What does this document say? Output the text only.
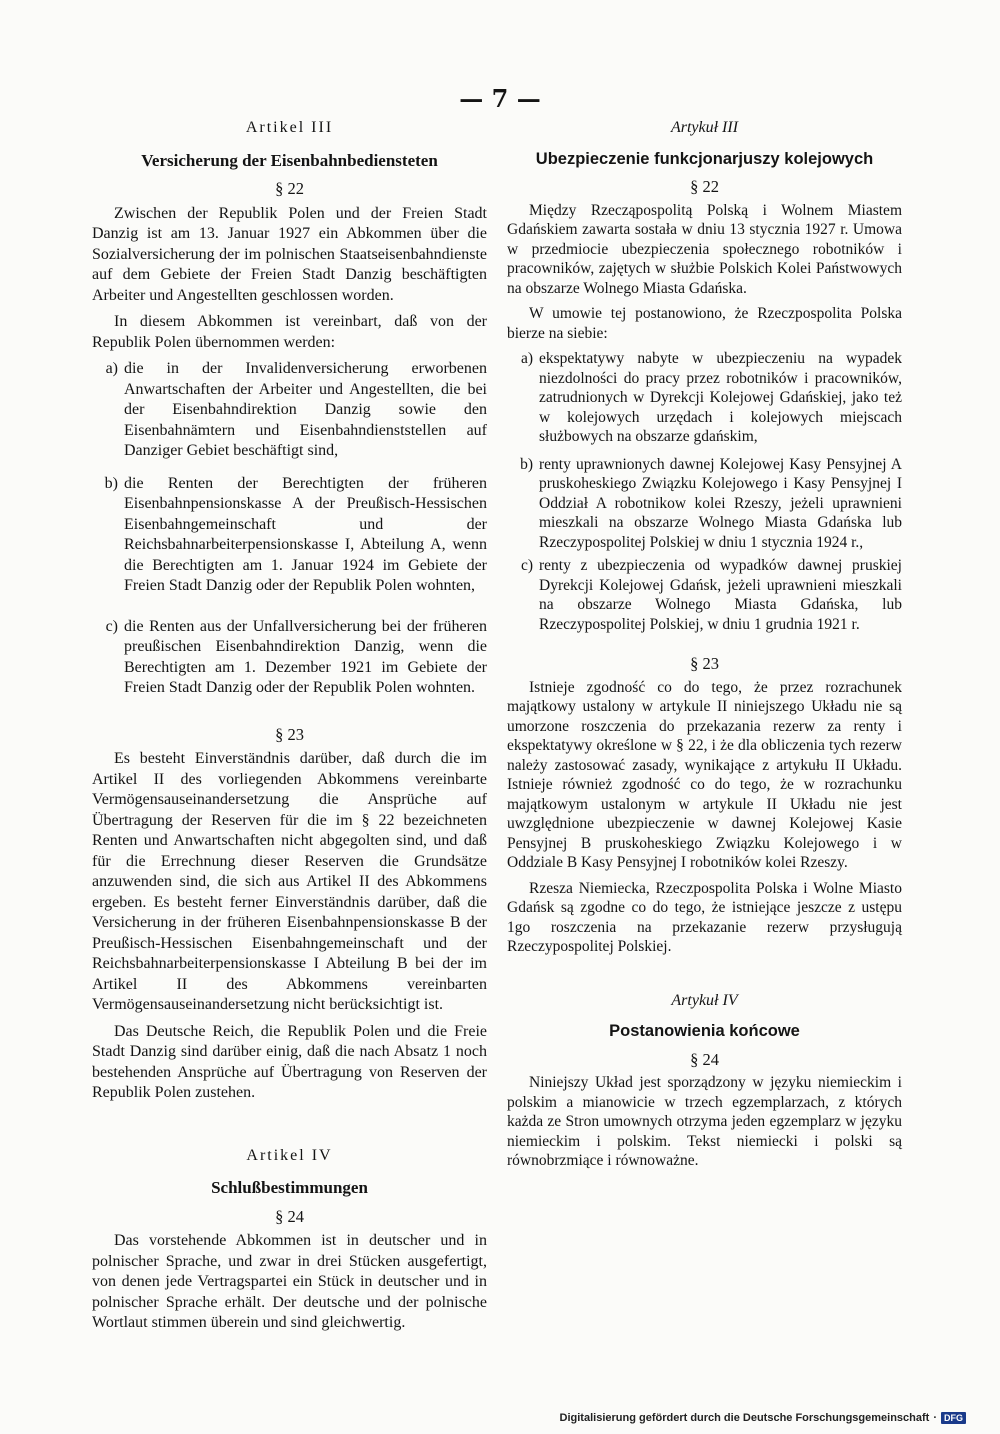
— 7 —
Artikel III
Versicherung der Eisenbahnbediensteten
§ 22

Zwischen der Republik Polen und der Freien Stadt Danzig ist am 13. Januar 1927 ein Abkommen über die Sozialversicherung der im polnischen Staatseisenbahndienste auf dem Gebiete der Freien Stadt Danzig beschäftigten Arbeiter und Angestellten geschlossen worden.

In diesem Abkommen ist vereinbart, daß von der Republik Polen übernommen werden:

a) die in der Invalidenversicherung erworbenen Anwartschaften der Arbeiter und Angestellten, die bei der Eisenbahndirektion Danzig sowie den Eisenbahnämtern und Eisenbahndienststellen auf Danziger Gebiet beschäftigt sind,
b) die Renten der Berechtigten der früheren Eisenbahnpensionskasse A der Preußisch-Hessischen Eisenbahngemeinschaft und der Reichsbahnarbeiterpensionskasse I, Abteilung A, wenn die Berechtigten am 1. Januar 1924 im Gebiete der Freien Stadt Danzig oder der Republik Polen wohnten,
c) die Renten aus der Unfallversicherung bei der früheren preußischen Eisenbahndirektion Danzig, wenn die Berechtigten am 1. Dezember 1921 im Gebiete der Freien Stadt Danzig oder der Republik Polen wohnten.
§ 23

Es besteht Einverständnis darüber, daß durch die im Artikel II des vorliegenden Abkommens vereinbarte Vermögensauseinandersetzung die Ansprüche auf Übertragung der Reserven für die im § 22 bezeichneten Renten und Anwartschaften nicht abgegolten sind, und daß für die Errechnung dieser Reserven die Grundsätze anzuwenden sind, die sich aus Artikel II des Abkommens ergeben. Es besteht ferner Einverständnis darüber, daß die Versicherung in der früheren Eisenbahnpensionskasse B der Preußisch-Hessischen Eisenbahngemeinschaft und der Reichsbahnarbeiterpensionskasse I Abteilung B bei der im Artikel II des Abkommens vereinbarten Vermögensauseinandersetzung nicht berücksichtigt ist.

Das Deutsche Reich, die Republik Polen und die Freie Stadt Danzig sind darüber einig, daß die nach Absatz 1 noch bestehenden Ansprüche auf Übertragung von Reserven der Republik Polen zustehen.

Artikel IV
Schlußbestimmungen
§ 24

Das vorstehende Abkommen ist in deutscher und in polnischer Sprache, und zwar in drei Stücken ausgefertigt, von denen jede Vertragspartei ein Stück in deutscher und in polnischer Sprache erhält. Der deutsche und der polnische Wortlaut stimmen überein und sind gleichwertig.

Artykuł III
Ubezpieczenie funkcjonarjuszy kolejowych
§ 22

Między Rzecząpospolitą Polską i Wolnem Miastem Gdańskiem zawarta sostała w dniu 13 stycznia 1927 r. Umowa w przedmiocie ubezpieczenia społecznego robotników i pracowników, zajętych w służbie Polskich Kolei Państwowych na obszarze Wolnego Miasta Gdańska.

W umowie tej postanowiono, że Rzeczpospolita Polska bierze na siebie:

a) ekspektatywy nabyte w ubezpieczeniu na wypadek niezdolności do pracy przez robotników i pracowników, zatrudnionych w Dyrekcji Kolejowej Gdańskiej, jako też w kolejowych urzędach i kolejowych miejscach służbowych na obszarze gdańskim,
b) renty uprawnionych dawnej Kolejowej Kasy Pensyjnej A pruskoheskiego Związku Kolejowego i Kasy Pensyjnej I Oddział A robotnikow kolei Rzeszy, jeżeli uprawnieni mieszkali na obszarze Wolnego Miasta Gdańska lub Rzeczypospolitej Polskiej w dniu 1 stycznia 1924 r.,
c) renty z ubezpieczenia od wypadków dawnej pruskiej Dyrekcji Kolejowej Gdańsk, jeżeli uprawnieni mieszkali na obszarze Wolnego Miasta Gdańska, lub Rzeczypospolitej Polskiej, w dniu 1 grudnia 1921 r.
§ 23

Istnieje zgodność co do tego, że przez rozrachunek majątkowy ustalony w artykule II niniejszego Układu nie są umorzone roszczenia do przekazania rezerw za renty i ekspektatywy określone w § 22, i że dla obliczenia tych rezerw należy zastosować zasady, wynikające z artykułu II Układu. Istnieje również zgodność co do tego, że w rozrachunku majątkowym ustalonym w artykule II Układu nie jest uwzględnione ubezpieczenie w dawnej Kolejowej Kasie Pensyjnej B pruskoheskiego Związku Kolejowego i w Oddziale B Kasy Pensyjnej I robotników kolei Rzeszy.

Rzesza Niemiecka, Rzeczpospolita Polska i Wolne Miasto Gdańsk są zgodne co do tego, że istniejące jeszcze z ustępu 1go roszczenia na przekazanie rezerw przysługują Rzeczypospolitej Polskiej.

Artykuł IV
Postanowienia końcowe
§ 24

Niniejszy Układ jest sporządzony w języku niemieckim i polskim a mianowicie w trzech egzemplarzach, z których każda ze Stron umownych otrzyma jeden egzemplarz w języku niemieckim i polskim. Tekst niemiecki i polski są równobrzmiące i równoważne.

Digitalisierung gefördert durch die Deutsche Forschungsgemeinschaft · DFG
